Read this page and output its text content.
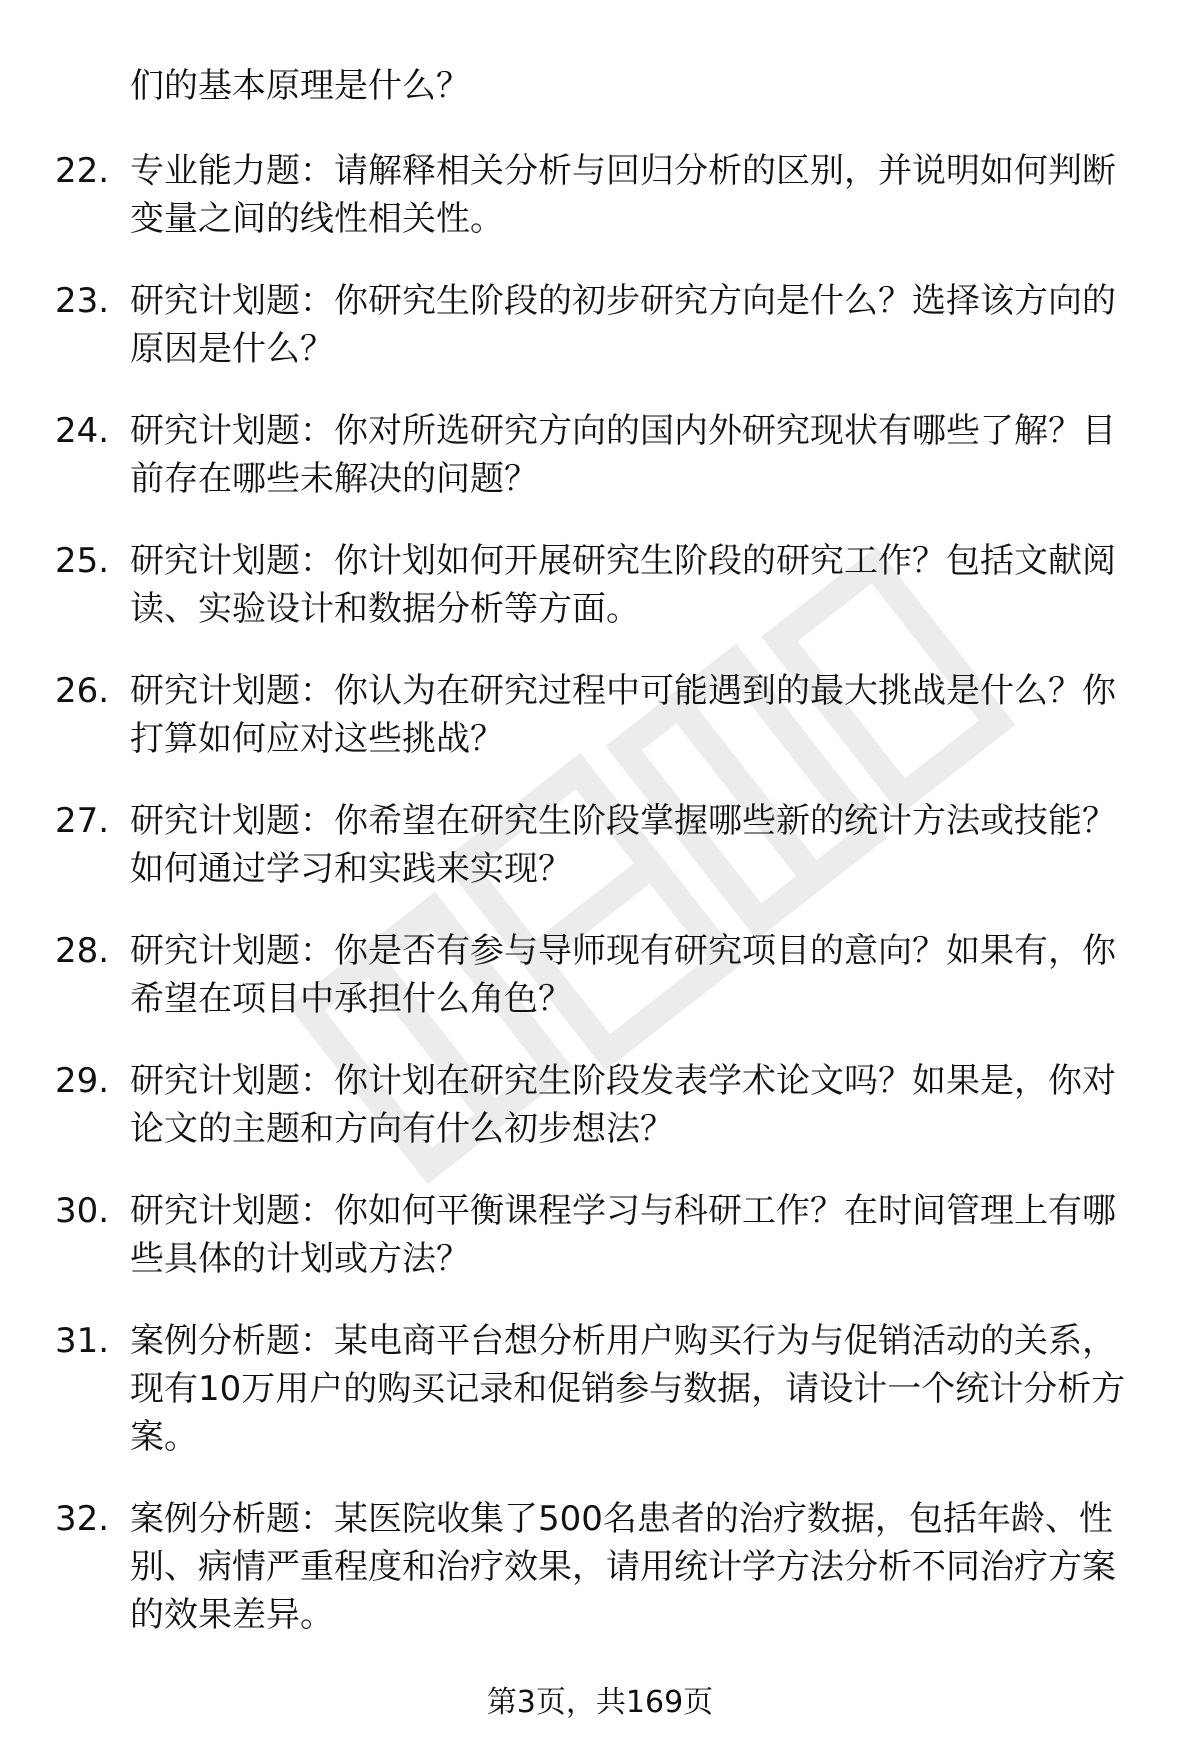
们的基本原理是什么？

22. 专业能力题：请解释相关分析与回归分析的区别，并说明如何判断变量之间的线性相关性。
23. 研究计划题：你研究生阶段的初步研究方向是什么？选择该方向的原因是什么？
24. 研究计划题：你对所选研究方向的国内外研究现状有哪些了解？目前存在哪些未解决的问题？
25. 研究计划题：你计划如何开展研究生阶段的研究工作？包括文献阅读、实验设计和数据分析等方面。
26. 研究计划题：你认为在研究过程中可能遇到的最大挑战是什么？你打算如何应对这些挑战？
27. 研究计划题：你希望在研究生阶段掌握哪些新的统计方法或技能？如何通过学习和实践来实现？
28. 研究计划题：你是否有参与导师现有研究项目的意向？如果有，你希望在项目中承担什么角色？
29. 研究计划题：你计划在研究生阶段发表学术论文吗？如果是，你对论文的主题和方向有什么初步想法？
30. 研究计划题：你如何平衡课程学习与科研工作？在时间管理上有哪些具体的计划或方法？
31. 案例分析题：某电商平台想分析用户购买行为与促销活动的关系，现有10万用户的购买记录和促销参与数据，请设计一个统计分析方案。
32. 案例分析题：某医院收集了500名患者的治疗数据，包括年龄、性别、病情严重程度和治疗效果，请用统计学方法分析不同治疗方案的效果差异。
第3页，共169页
